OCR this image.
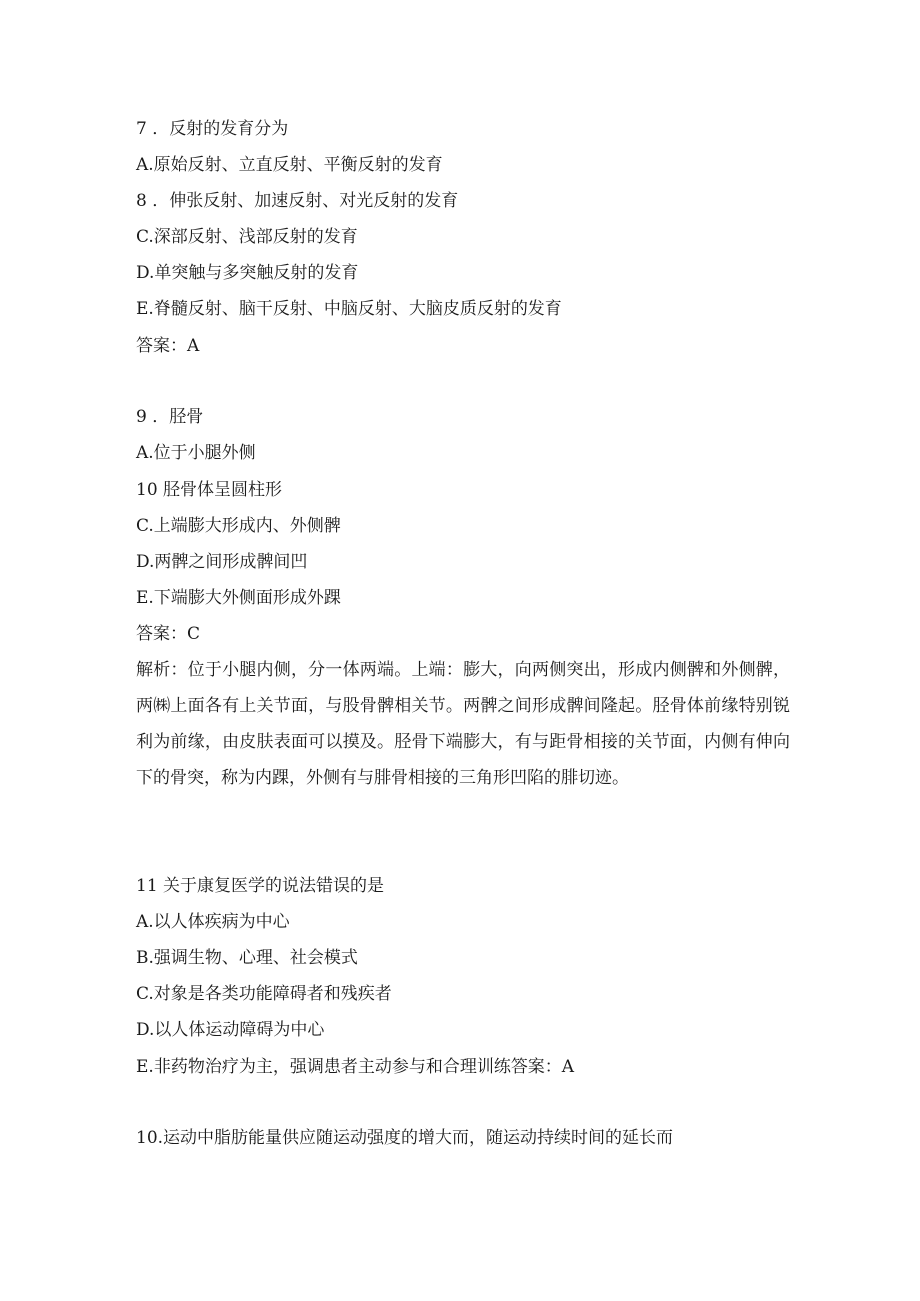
7 ．反射的发育分为
A.原始反射、立直反射、平衡反射的发育
8 ．伸张反射、加速反射、对光反射的发育
C.深部反射、浅部反射的发育
D.单突触与多突触反射的发育
E.脊髓反射、脑干反射、中脑反射、大脑皮质反射的发育
答案：A
9 ．胫骨
A.位于小腿外侧
10 胫骨体呈圆柱形
C.上端膨大形成内、外侧髀
D.两髀之间形成髀间凹
E.下端膨大外侧面形成外踝
答案：C
解析：位于小腿内侧，分一体两端。上端：膨大，向两侧突出，形成内侧髀和外侧髀，两㈱上面各有上关节面，与股骨髀相关节。两髀之间形成髀间隆起。胫骨体前缘特别锐利为前缘，由皮肤表面可以摸及。胫骨下端膨大，有与距骨相接的关节面，内侧有伸向下的骨突，称为内踝，外侧有与腓骨相接的三角形凹陷的腓切迹。
11 关于康复医学的说法错误的是
A.以人体疾病为中心
B.强调生物、心理、社会模式
C.对象是各类功能障碍者和残疾者
D.以人体运动障碍为中心
E.非药物治疗为主，强调患者主动参与和合理训练答案：A
10.运动中脂肪能量供应随运动强度的增大而，随运动持续时间的延长而
